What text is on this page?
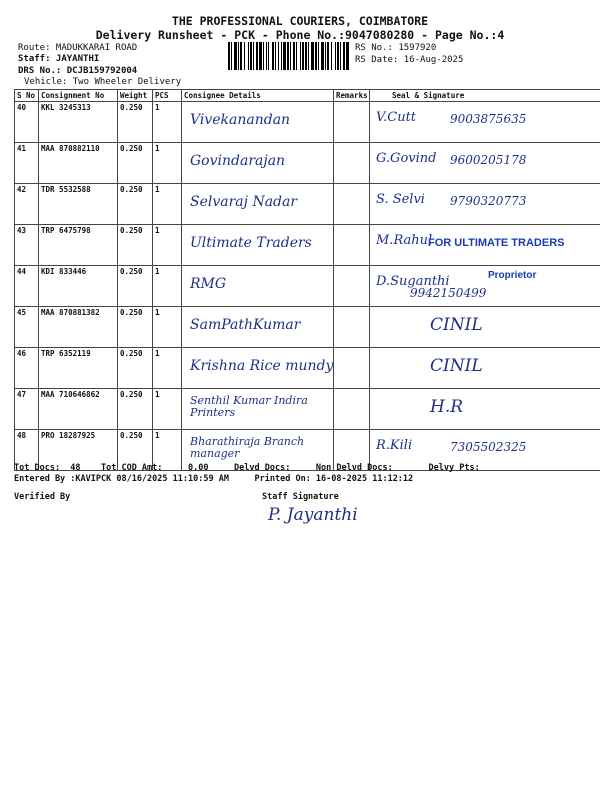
THE PROFESSIONAL COURIERS, COIMBATORE
Delivery Runsheet - PCK - Phone No.:9047080280 - Page No.:4
Route: MADUKKARAI ROAD
Staff: JAYANTHI
DRS No.: DCJB159792004
Vehicle: Two Wheeler Delivery
RS No.: 1597920
RS Date: 16-Aug-2025
S No	Consignment No	Weight	PCS	Consignee Details	Remarks	Seal & Signature
40	KKL 3245313	0.250	1	Vivekanandan		V.Cutt 9003875635

41	MAA 870882110	0.250	1	Govindarajan		G.Govind 9600205178

42	TDR 5532588	0.250	1	Selvaraj Nadar		S. Selvi 9790320773

43	TRP 6475798	0.250	1	Ultimate Traders		M.Rahul
FOR ULTIMATE TRADERS

44	KDI 833446	0.250	1	RMG		D.Suganthi
9942150499
Proprietor

45	MAA 870881382	0.250	1	SamPathKumar		CINIL

46	TRP 6352119	0.250	1	Krishna Rice mundy		CINIL

47	MAA 710646862	0.250	1	Senthil Kumar Indira Printers		H.R

48	PRO 18287925	0.250	1	Bharathiraja Branch manager		R.Kili 7305502325
Tot Docs:  48    Tot COD Amt:     0.00     Delvd Docs:     Non Delvd Docs:       Delvy Pts:
Entered By :KAVIPCK 08/16/2025 11:10:59 AM     Printed On: 16-08-2025 11:12:12
Verified By	Staff Signature
P. Jayanthi
